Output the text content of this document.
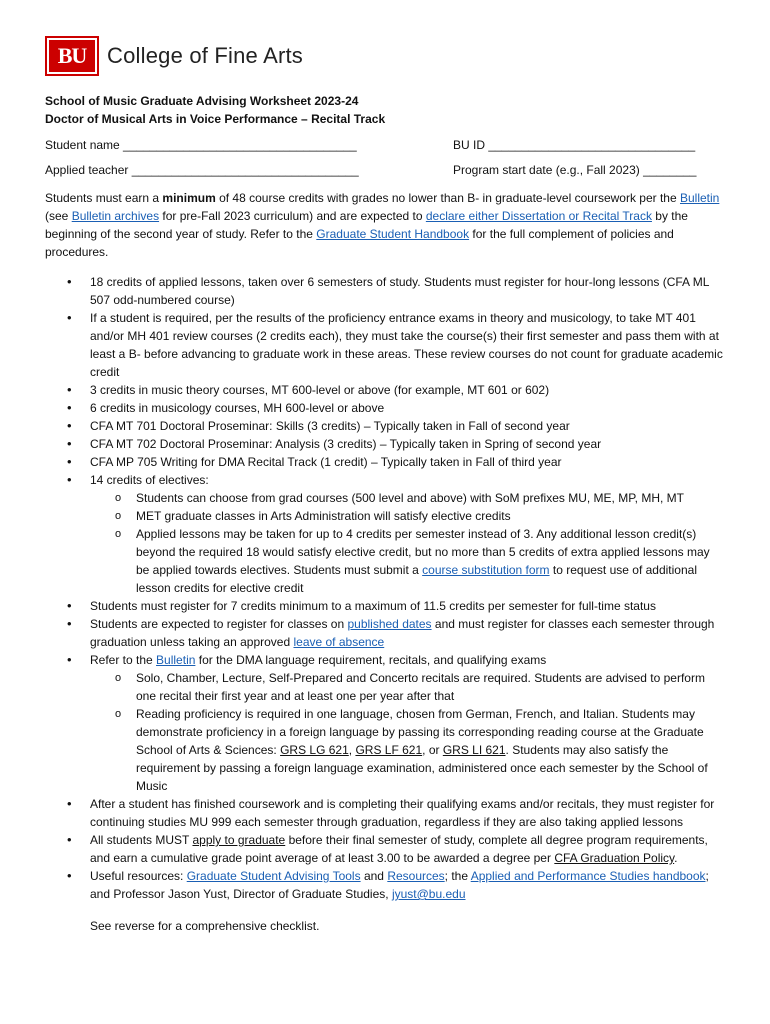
BU College of Fine Arts
School of Music Graduate Advising Worksheet 2023-24
Doctor of Musical Arts in Voice Performance – Recital Track
Student name ___________________________________	BU ID _______________________________
Applied teacher __________________________________	Program start date (e.g., Fall 2023) ________
Students must earn a minimum of 48 course credits with grades no lower than B- in graduate-level coursework per the Bulletin (see Bulletin archives for pre-Fall 2023 curriculum) and are expected to declare either Dissertation or Recital Track by the beginning of the second year of study. Refer to the Graduate Student Handbook for the full complement of policies and procedures.
• 18 credits of applied lessons, taken over 6 semesters of study. Students must register for hour-long lessons (CFA ML 507 odd-numbered course)
• If a student is required, per the results of the proficiency entrance exams in theory and musicology, to take MT 401 and/or MH 401 review courses (2 credits each), they must take the course(s) their first semester and pass them with at least a B- before advancing to graduate work in these areas. These review courses do not count for graduate academic credit
• 3 credits in music theory courses, MT 600-level or above (for example, MT 601 or 602)
• 6 credits in musicology courses, MH 600-level or above
• CFA MT 701 Doctoral Proseminar: Skills (3 credits) – Typically taken in Fall of second year
• CFA MT 702 Doctoral Proseminar: Analysis (3 credits) – Typically taken in Spring of second year
• CFA MP 705 Writing for DMA Recital Track (1 credit) – Typically taken in Fall of third year
• 14 credits of electives:
o Students can choose from grad courses (500 level and above) with SoM prefixes MU, ME, MP, MH, MT
o MET graduate classes in Arts Administration will satisfy elective credits
o Applied lessons may be taken for up to 4 credits per semester instead of 3. Any additional lesson credit(s) beyond the required 18 would satisfy elective credit, but no more than 5 credits of extra applied lessons may be applied towards electives. Students must submit a course substitution form to request use of additional lesson credits for elective credit
• Students must register for 7 credits minimum to a maximum of 11.5 credits per semester for full-time status
• Students are expected to register for classes on published dates and must register for classes each semester through graduation unless taking an approved leave of absence
• Refer to the Bulletin for the DMA language requirement, recitals, and qualifying exams
o Solo, Chamber, Lecture, Self-Prepared and Concerto recitals are required. Students are advised to perform one recital their first year and at least one per year after that
o Reading proficiency is required in one language, chosen from German, French, and Italian. Students may demonstrate proficiency in a foreign language by passing its corresponding reading course at the Graduate School of Arts & Sciences: GRS LG 621, GRS LF 621, or GRS LI 621. Students may also satisfy the requirement by passing a foreign language examination, administered once each semester by the School of Music
• After a student has finished coursework and is completing their qualifying exams and/or recitals, they must register for continuing studies MU 999 each semester through graduation, regardless if they are also taking applied lessons
• All students MUST apply to graduate before their final semester of study, complete all degree program requirements, and earn a cumulative grade point average of at least 3.00 to be awarded a degree per CFA Graduation Policy.
• Useful resources: Graduate Student Advising Tools and Resources; the Applied and Performance Studies handbook; and Professor Jason Yust, Director of Graduate Studies, jyust@bu.edu
See reverse for a comprehensive checklist.
